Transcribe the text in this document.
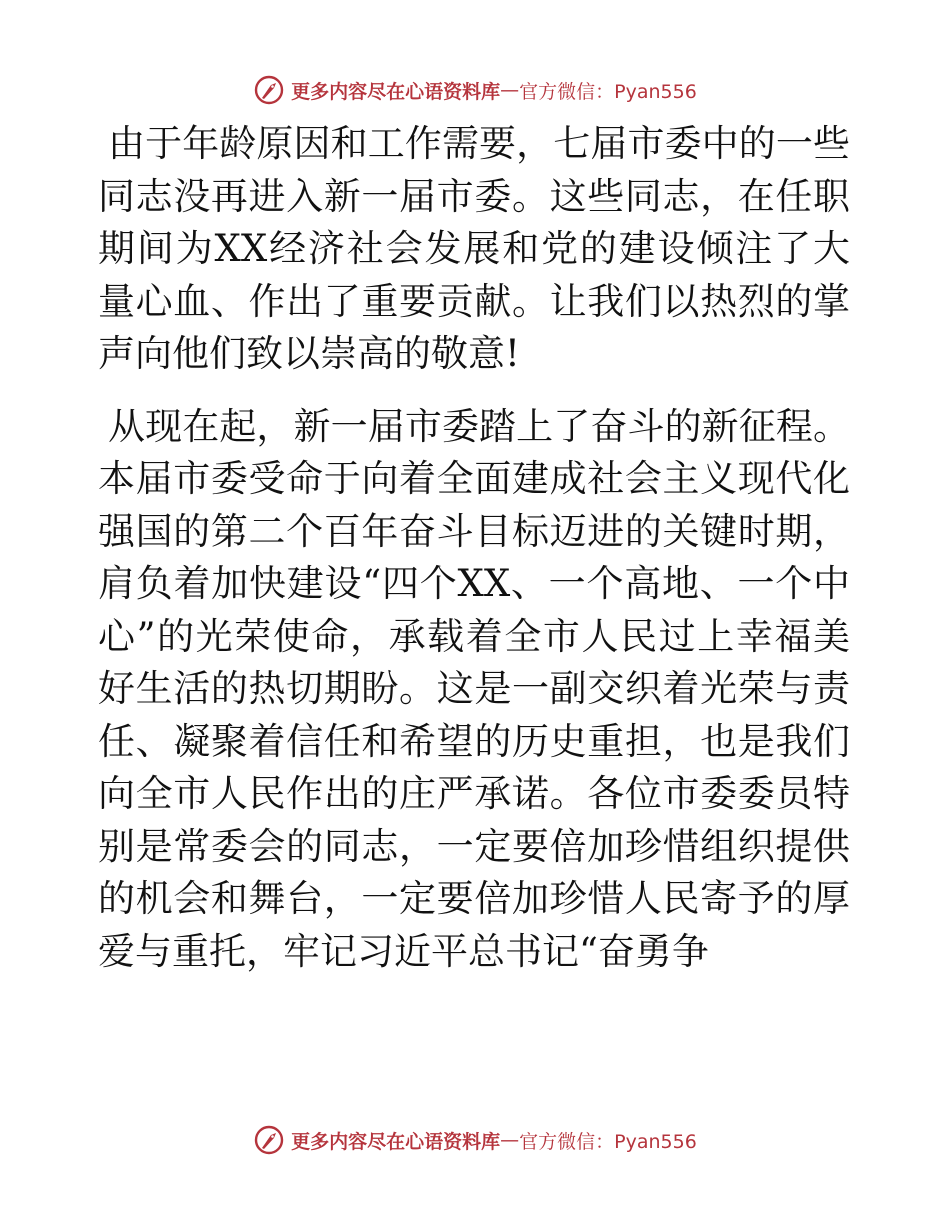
更多内容尽在心语资料库 — 官方微信：Pyan556

由于年龄原因和工作需要，七届市委中的一些同志没再进入新一届市委。这些同志，在任职期间为XX经济社会发展和党的建设倾注了大量心血、作出了重要贡献。让我们以热烈的掌声向他们致以崇高的敬意!

从现在起，新一届市委踏上了奋斗的新征程。本届市委受命于向着全面建成社会主义现代化强国的第二个百年奋斗目标迈进的关键时期，肩负着加快建设“四个XX、一个高地、一个中心”的光荣使命，承载着全市人民过上幸福美好生活的热切期盼。这是一副交织着光荣与责任、凝聚着信任和希望的历史重担，也是我们向全市人民作出的庄严承诺。各位市委委员特别是常委会的同志，一定要倍加珍惜组织提供的机会和舞台，一定要倍加珍惜人民寄予的厚爱与重托，牢记习近平总书记“奋勇争

更多内容尽在心语资料库 — 官方微信：Pyan556
